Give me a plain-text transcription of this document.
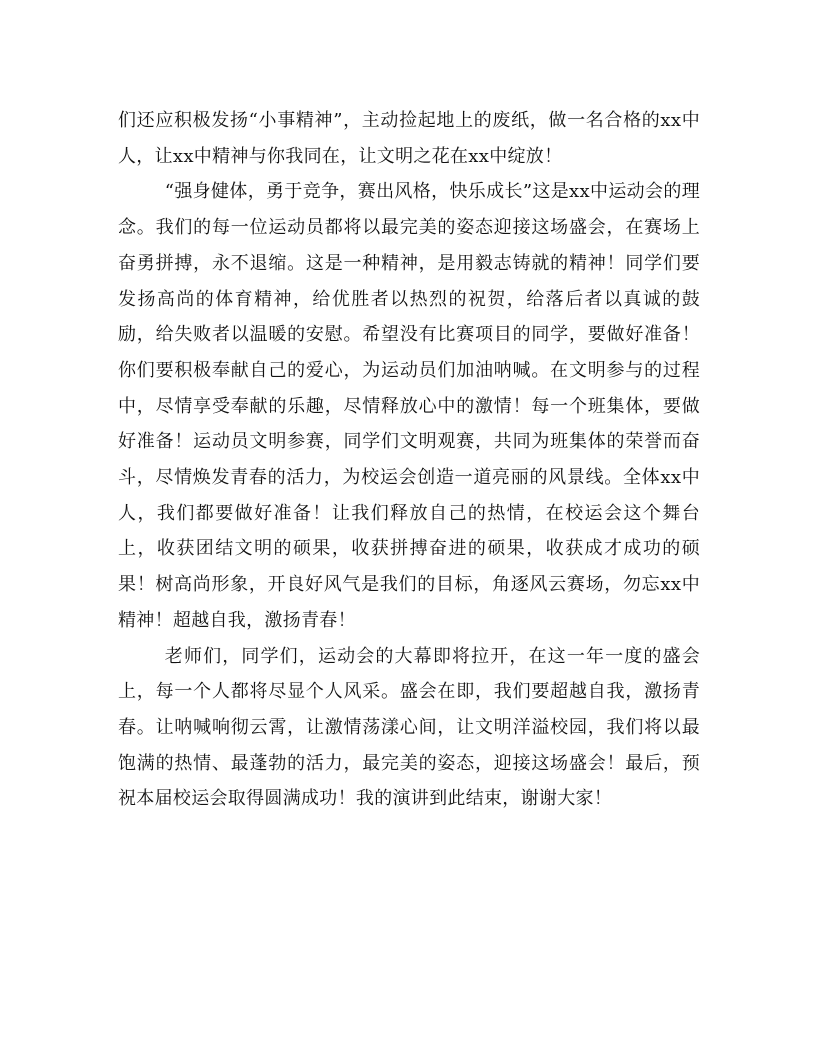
们还应积极发扬“小事精神”，主动捡起地上的废纸，做一名合格的xx中人，让xx中精神与你我同在，让文明之花在xx中绽放！

“强身健体，勇于竞争，赛出风格，快乐成长”这是xx中运动会的理念。我们的每一位运动员都将以最完美的姿态迎接这场盛会，在赛场上奋勇拼搏，永不退缩。这是一种精神，是用毅志铸就的精神！同学们要发扬高尚的体育精神，给优胜者以热烈的祝贺，给落后者以真诚的鼓励，给失败者以温暖的安慰。希望没有比赛项目的同学，要做好准备！你们要积极奉献自己的爱心，为运动员们加油呐喊。在文明参与的过程中，尽情享受奉献的乐趣，尽情释放心中的激情！每一个班集体，要做好准备！运动员文明参赛，同学们文明观赛，共同为班集体的荣誉而奋斗，尽情焕发青春的活力，为校运会创造一道亮丽的风景线。全体xx中人，我们都要做好准备！让我们释放自己的热情，在校运会这个舞台上，收获团结文明的硕果，收获拼搏奋进的硕果，收获成才成功的硕果！树高尚形象，开良好风气是我们的目标，角逐风云赛场，勿忘xx中精神！超越自我，激扬青春！

老师们，同学们，运动会的大幕即将拉开，在这一年一度的盛会上，每一个人都将尽显个人风采。盛会在即，我们要超越自我，激扬青春。让呐喊响彻云霄，让激情荡漾心间，让文明洋溢校园，我们将以最饱满的热情、最蓬勃的活力，最完美的姿态，迎接这场盛会！最后，预祝本届校运会取得圆满成功！我的演讲到此结束，谢谢大家！
